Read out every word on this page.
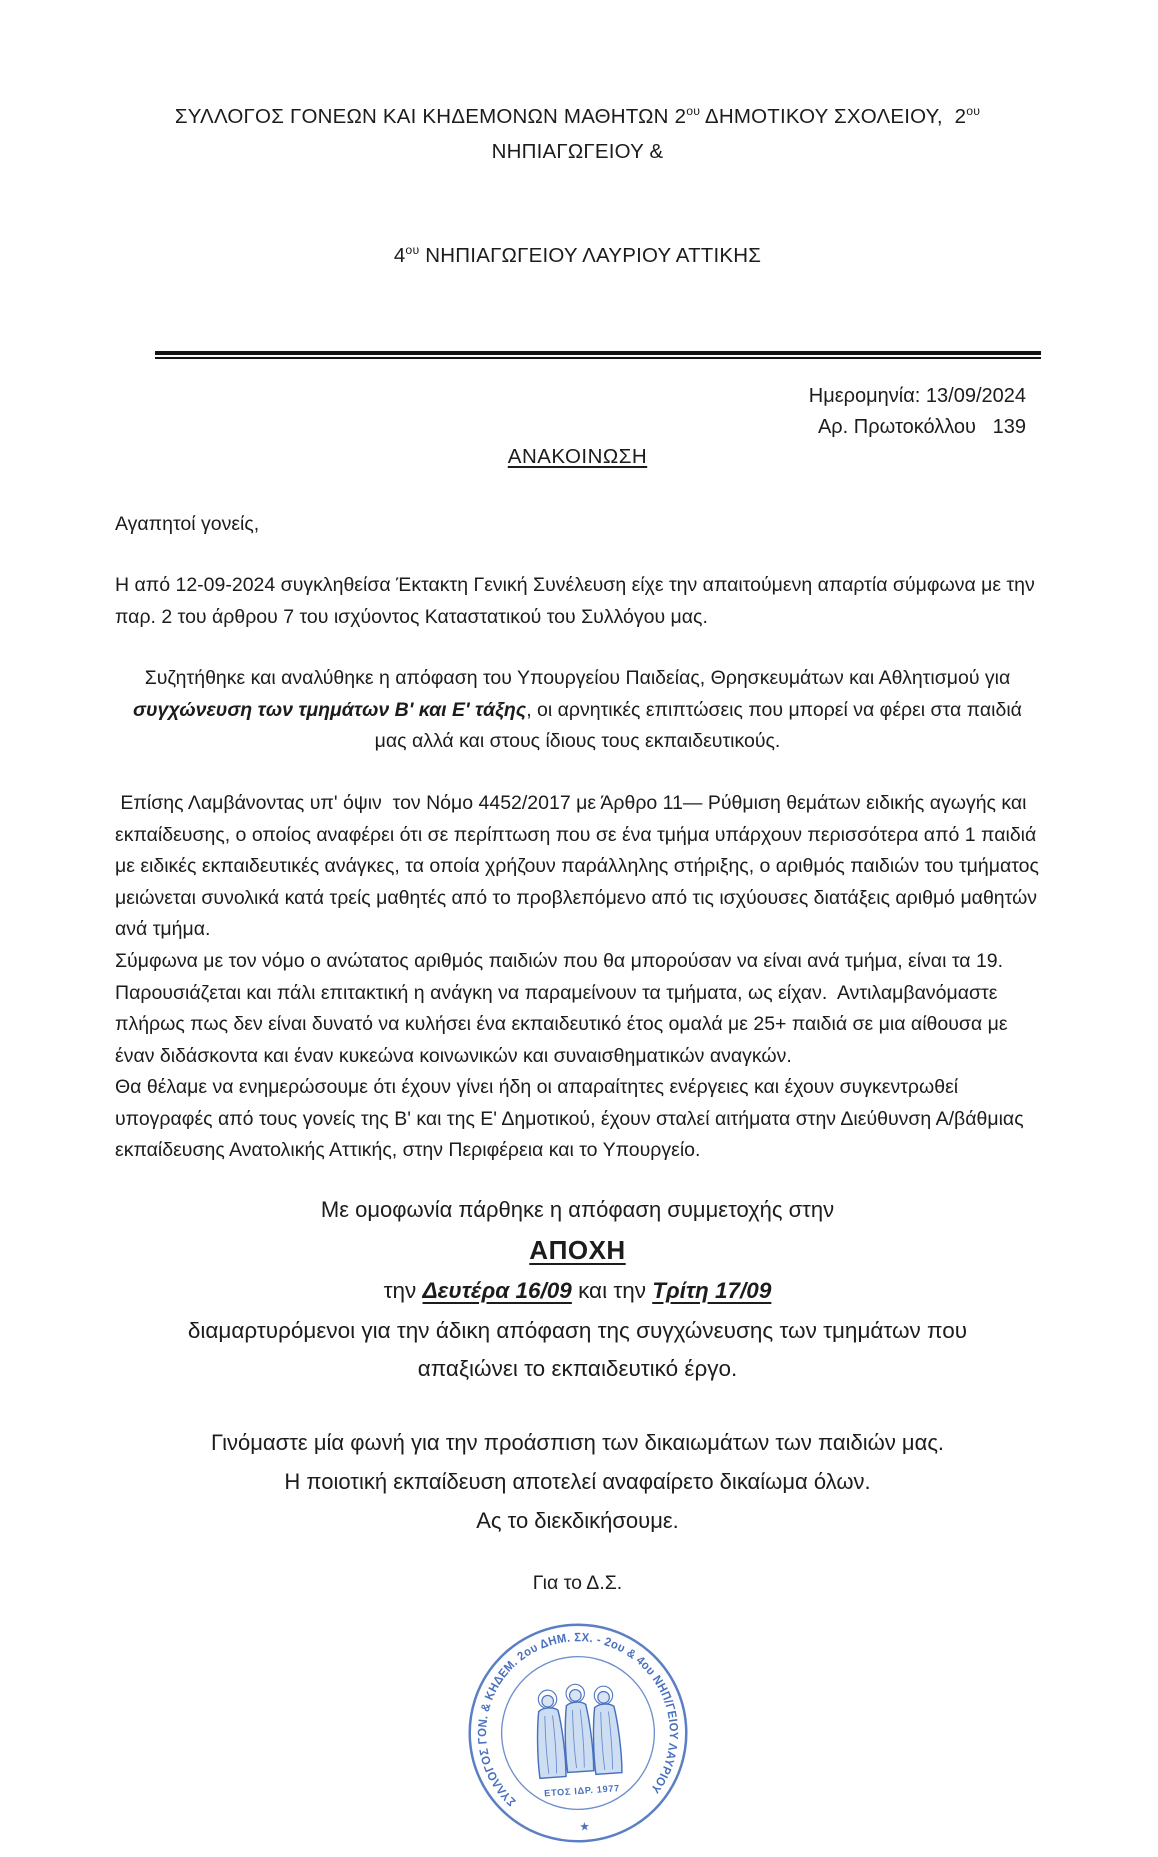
ΣΥΛΛΟΓΟΣ ΓΟΝΕΩΝ ΚΑΙ ΚΗΔΕΜΟΝΩΝ ΜΑΘΗΤΩΝ $2^{o\upsilon}$ ΔΗΜΟΤΙΚΟΥ ΣΧΟΛΕΙΟΥ,  $2^{o\upsilon}$ ΝΗΠΙΑΓΩΓΕΙΟΥ &

$4^{o\upsilon}$ ΝΗΠΙΑΓΩΓΕΙΟΥ ΛΑΥΡΙΟΥ ΑΤΤΙΚΗΣ

Ημερομηνία: 13/09/2024
Αρ. Πρωτοκόλλου   139
ΑΝΑΚΟΙΝΩΣΗ
Αγαπητοί γονείς,
Η από 12-09-2024 συγκληθείσα Έκτακτη Γενική Συνέλευση είχε την απαιτούμενη απαρτία σύμφωνα με την παρ. 2 του άρθρου 7 του ισχύοντος Καταστατικού του Συλλόγου μας.
Συζητήθηκε και αναλύθηκε η απόφαση του Υπουργείου Παιδείας, Θρησκευμάτων και Αθλητισμού για συγχώνευση των τμημάτων Β' και Ε' τάξης, οι αρνητικές επιπτώσεις που μπορεί να φέρει στα παιδιά μας αλλά και στους ίδιους τους εκπαιδευτικούς.
Επίσης Λαμβάνοντας υπ' όψιν  τον Νόμο 4452/2017 με Άρθρο 11— Ρύθμιση θεμάτων ειδικής αγωγής και εκπαίδευσης, ο οποίος αναφέρει ότι σε περίπτωση που σε ένα τμήμα υπάρχουν περισσότερα από 1 παιδιά με ειδικές εκπαιδευτικές ανάγκες, τα οποία χρήζουν παράλληλης στήριξης, ο αριθμός παιδιών του τμήματος μειώνεται συνολικά κατά τρείς μαθητές από το προβλεπόμενο από τις ισχύουσες διατάξεις αριθμό μαθητών ανά τμήμα.
Σύμφωνα με τον νόμο ο ανώτατος αριθμός παιδιών που θα μπορούσαν να είναι ανά τμήμα, είναι τα 19. Παρουσιάζεται και πάλι επιτακτική η ανάγκη να παραμείνουν τα τμήματα, ως είχαν.  Αντιλαμβανόμαστε πλήρως πως δεν είναι δυνατό να κυλήσει ένα εκπαιδευτικό έτος ομαλά με 25+ παιδιά σε μια αίθουσα με έναν διδάσκοντα και έναν κυκεώνα κοινωνικών και συναισθηματικών αναγκών.
Θα θέλαμε να ενημερώσουμε ότι έχουν γίνει ήδη οι απαραίτητες ενέργειες και έχουν συγκεντρωθεί υπογραφές από τους γονείς της Β' και της Ε' Δημοτικού, έχουν σταλεί αιτήματα στην Διεύθυνση Α/βάθμιας εκπαίδευσης Ανατολικής Αττικής, στην Περιφέρεια και το Υπουργείο.
Με ομοφωνία πάρθηκε η απόφαση συμμετοχής στην
ΑΠΟΧΗ
την Δευτέρα 16/09 και την Τρίτη 17/09
διαμαρτυρόμενοι για την άδικη απόφαση της συγχώνευσης των τμημάτων που απαξιώνει το εκπαιδευτικό έργο.
Γινόμαστε μία φωνή για την προάσπιση των δικαιωμάτων των παιδιών μας.
Η ποιοτική εκπαίδευση αποτελεί αναφαίρετο δικαίωμα όλων.
Ας το διεκδικήσουμε.
Για το Δ.Σ.
ΣΥΛΛΟΓΟΣ ΓΟΝ. & ΚΗΔΕΜ. 2ου ΔΗΜ. ΣΧ. - 2ου & 4ου ΝΗΠ/ΓΕΙΟΥ ΛΑΥΡΙΟΥ
★
ΕΤΟΣ ΙΔΡ. 1977
